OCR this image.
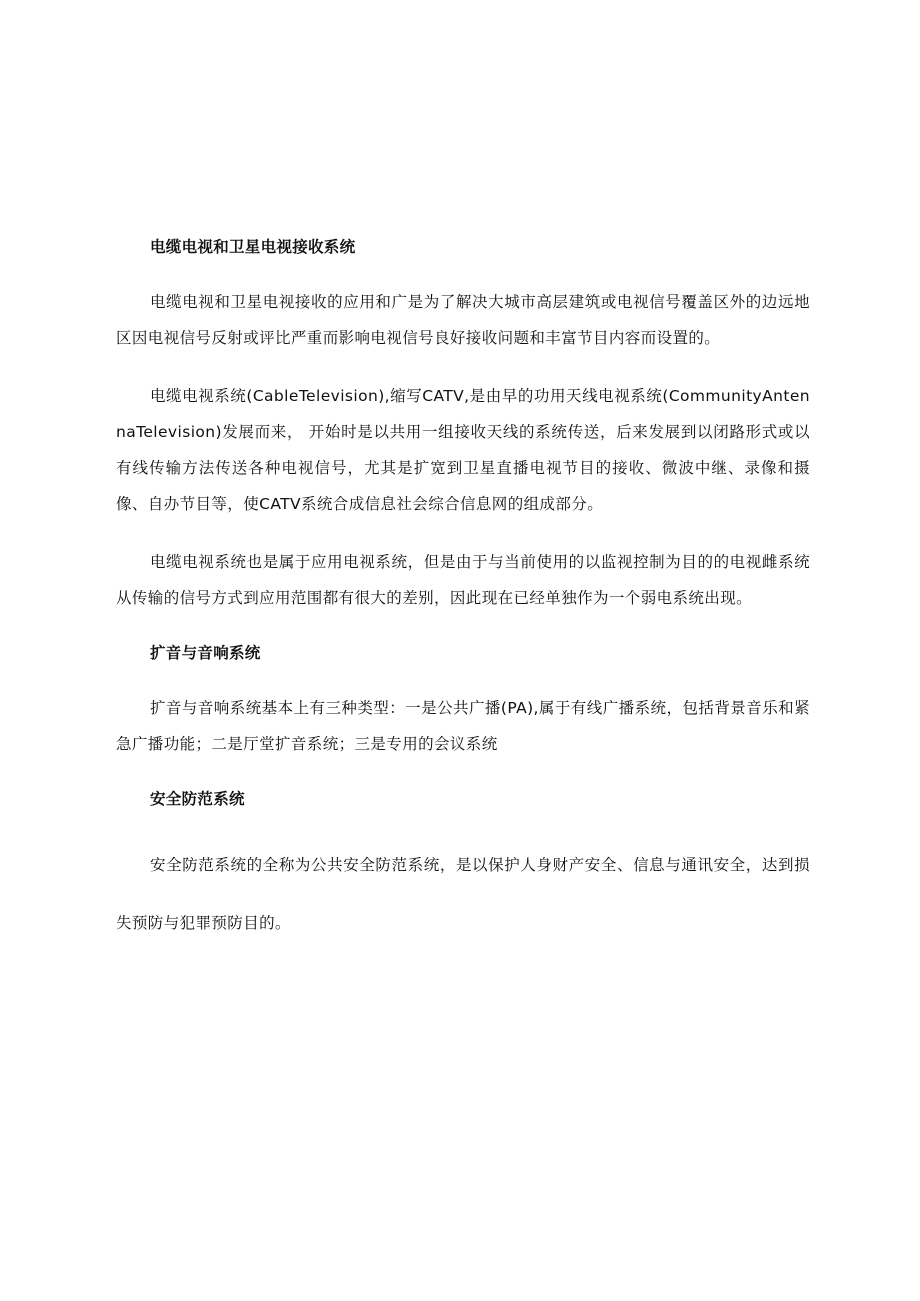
电缆电视和卫星电视接收系统

电缆电视和卫星电视接收的应用和广是为了解决大城市高层建筑或电视信号覆盖区外的边远地区因电视信号反射或评比严重而影响电视信号良好接收问题和丰富节目内容而设置的。

电缆电视系统(CableTelevision),缩写CATV,是由早的功用天线电视系统(CommunityAntennaTelevision)发展而来， 开始时是以共用一组接收天线的系统传送，后来发展到以闭路形式或以有线传输方法传送各种电视信号，尤其是扩宽到卫星直播电视节目的接收、微波中继、录像和摄像、自办节目等，使CATV系统合成信息社会综合信息网的组成部分。

电缆电视系统也是属于应用电视系统，但是由于与当前使用的以监视控制为目的的电视雌系统从传输的信号方式到应用范围都有很大的差别，因此现在已经单独作为一个弱电系统出现。

扩音与音响系统

扩音与音响系统基本上有三种类型：一是公共广播(PA),属于有线广播系统，包括背景音乐和紧急广播功能；二是厅堂扩音系统；三是专用的会议系统

安全防范系统

安全防范系统的全称为公共安全防范系统，是以保护人身财产安全、信息与通讯安全，达到损失预防与犯罪预防目的。
